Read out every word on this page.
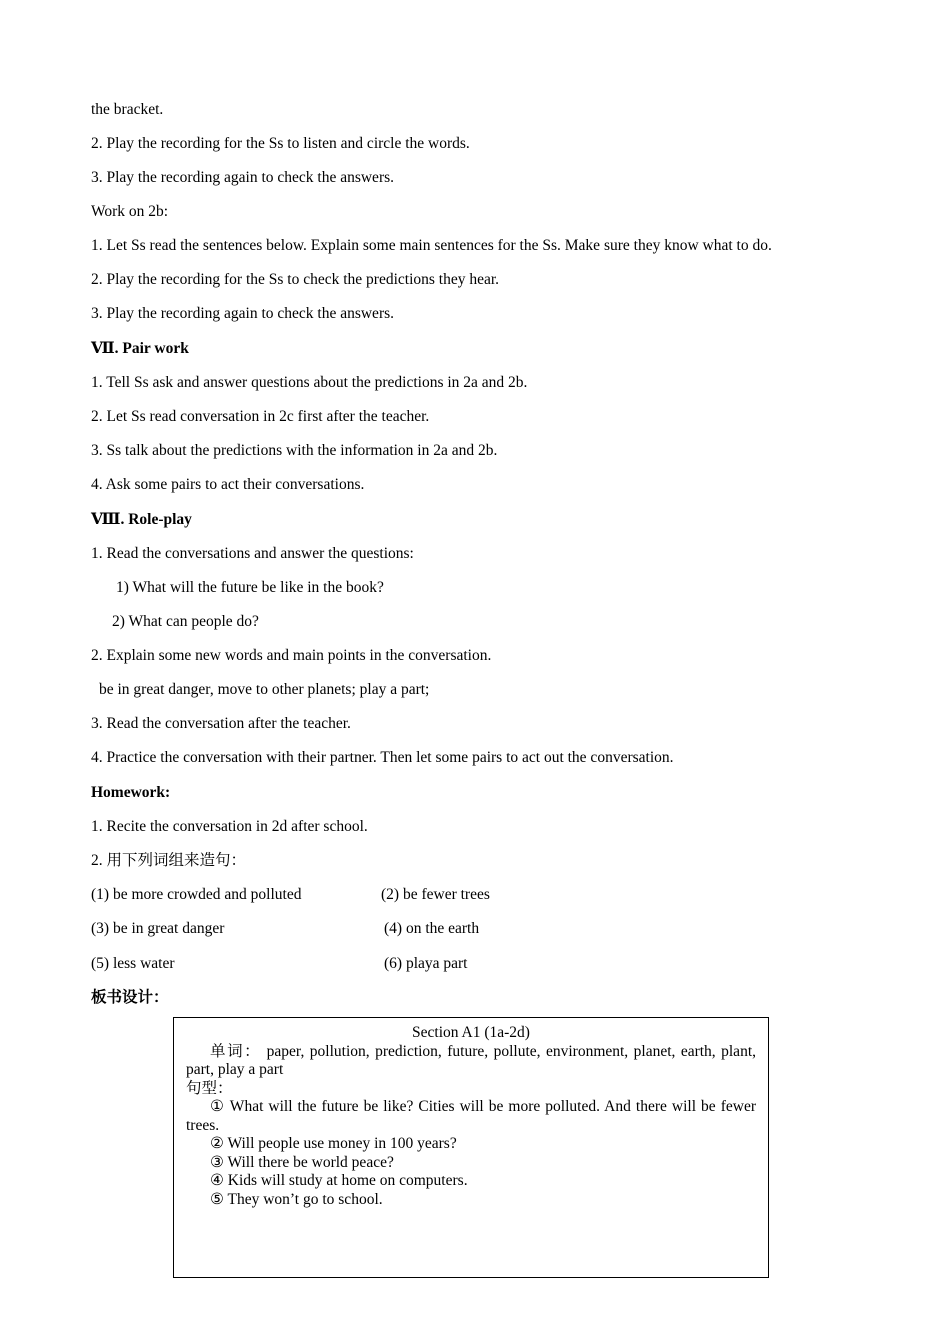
the bracket.
2. Play the recording for the Ss to listen and circle the words.
3. Play the recording again to check the answers.
Work on 2b:
1. Let Ss read the sentences below. Explain some main sentences for the Ss. Make sure they know what to do.
2. Play the recording for the Ss to check the predictions they hear.
3. Play the recording again to check the answers.
Ⅶ. Pair work
1. Tell Ss ask and answer questions about the predictions in 2a and 2b.
2. Let Ss read conversation in 2c first after the teacher.
3. Ss talk about the predictions with the information in 2a and 2b.
4. Ask some pairs to act their conversations.
Ⅷ. Role-play
1. Read the conversations and answer the questions:
1) What will the future be like in the book?
2) What can people do?
2. Explain some new words and main points in the conversation.
be in great danger, move to other planets; play a part;
3. Read the conversation after the teacher.
4. Practice the conversation with their partner. Then let some pairs to act out the conversation.
Homework:
1. Recite the conversation in 2d after school.
2. 用下列词组来造句：
(1) be more crowded and polluted	(2) be fewer trees
(3) be in great danger	(4) on the earth
(5) less water	(6) playa part
板书设计：
Section A1 (1a-2d)
单词： paper, pollution, prediction, future, pollute, environment, planet, earth, plant, part, play a part
句型：
① What will the future be like? Cities will be more polluted. And there will be fewer trees.
② Will people use money in 100 years?
③ Will there be world peace?
④ Kids will study at home on computers.
⑤ They won’t go to school.
